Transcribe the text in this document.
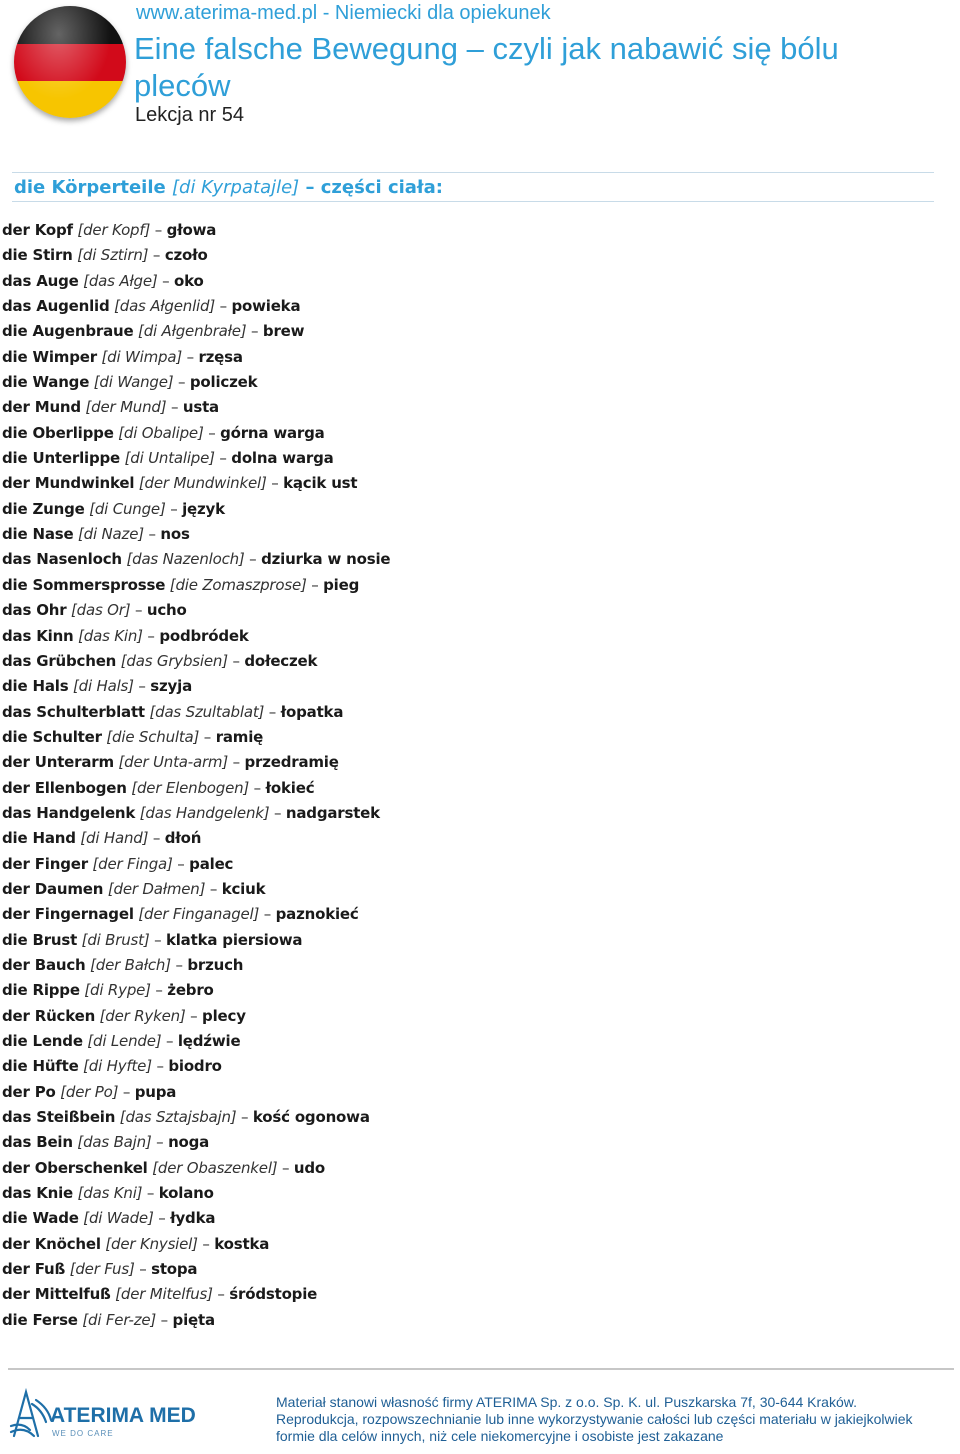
www.aterima-med.pl - Niemiecki dla opiekunek
Eine falsche Bewegung – czyli jak nabawić się bólu pleców
Lekcja nr 54
die Körperteile [di Kyrpatajle] – części ciała:
der Kopf [der Kopf] – głowa
die Stirn [di Sztirn] – czoło
das Auge [das Ałge] – oko
das Augenlid [das Ałgenlid] – powieka
die Augenbraue [di Ałgenbrałe] – brew
die Wimper [di Wimpa] – rzęsa
die Wange [di Wange] – policzek
der Mund [der Mund] – usta
die Oberlippe [di Obalipe] – górna warga
die Unterlippe [di Untalipe] – dolna warga
der Mundwinkel [der Mundwinkel] – kącik ust
die Zunge [di Cunge] – język
die Nase [di Naze] – nos
das Nasenloch [das Nazenloch] – dziurka w nosie
die Sommersprosse [die Zomaszprose] – pieg
das Ohr [das Or] – ucho
das Kinn [das Kin] – podbródek
das Grübchen [das Grybsien] – dołeczek
die Hals [di Hals] – szyja
das Schulterblatt [das Szultablat] – łopatka
die Schulter [die Schulta] – ramię
der Unterarm [der Unta-arm] – przedramię
der Ellenbogen [der Elenbogen] – łokieć
das Handgelenk [das Handgelenk] – nadgarstek
die Hand [di Hand] – dłoń
der Finger [der Finga] – palec
der Daumen [der Dałmen] – kciuk
der Fingernagel [der Finganagel] – paznokieć
die Brust [di Brust] – klatka piersiowa
der Bauch [der Bałch] – brzuch
die Rippe [di Rype] – żebro
der Rücken [der Ryken] – plecy
die Lende [di Lende] – lędźwie
die Hüfte [di Hyfte] – biodro
der Po [der Po] – pupa
das Steißbein [das Sztajsbajn] – kość ogonowa
das Bein [das Bajn] – noga
der Oberschenkel [der Obaszenkel] – udo
das Knie [das Kni] – kolano
die Wade [di Wade] – łydka
der Knöchel [der Knysiel] – kostka
der Fuß [der Fus] – stopa
der Mittelfuß [der Mitelfus] – śródstopie
die Ferse [di Fer-ze] – pięta
ATERIMA MED
WE DO CARE
Materiał stanowi własność firmy ATERIMA Sp. z o.o. Sp. K. ul. Puszkarska 7f, 30-644 Kraków.
Reprodukcja, rozpowszechnianie lub inne wykorzystywanie całości lub części materiału w jakiejkolwiek
formie dla celów innych, niż cele niekomercyjne i osobiste jest zakazane
